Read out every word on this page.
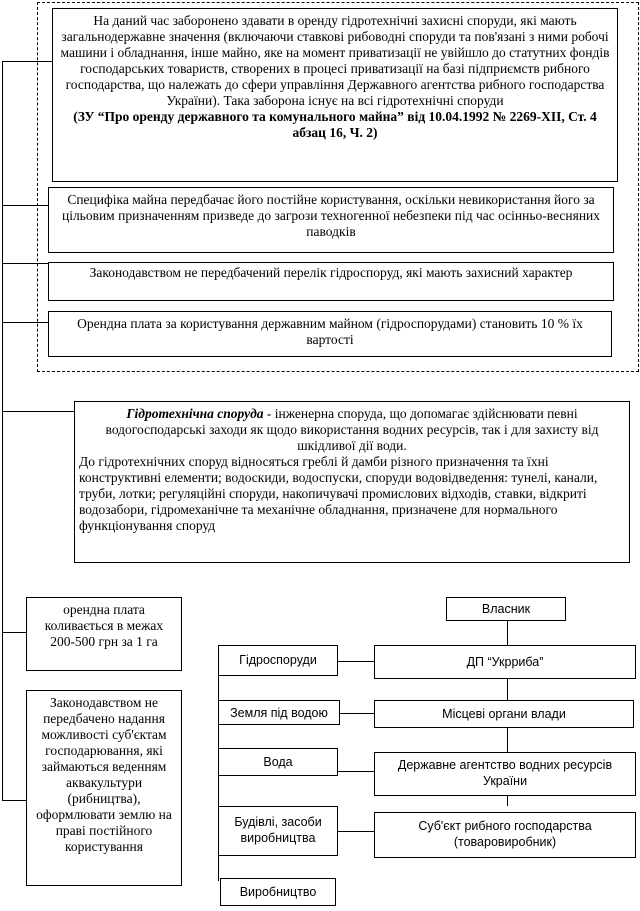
На даний час заборонено здавати в оренду гідротехнічні захисні споруди, які мають загальнодержавне значення (включаючи ставкові рибоводні споруди та пов'язані з ними робочі машини і обладнання, інше майно, яке на момент приватизації не увійшло до статутних фондів господарських товариств, створених в процесі приватизації на базі підприємств рибного господарства, що належать до сфери управління Державного агентства рибного господарства України). Така заборона існує на всі гідротехнічні споруди
(ЗУ “Про оренду державного та комунального майна” від 10.04.1992 № 2269-ХІІ, Ст. 4 абзац 16, Ч. 2)
Специфіка майна передбачає його постійне користування, оскільки невикористання його за цільовим призначенням призведе до загрози техногенної небезпеки під час осінньо-весняних паводків
Законодавством не передбачений перелік гідроспоруд, які мають захисний характер
Орендна плата за користування державним майном (гідроспорудами) становить 10 % їх вартості
Гідротехнічна споруда - інженерна споруда, що допомагає здійснювати певні водогосподарські заходи як щодо використання водних ресурсів, так і для захисту від шкідливої дії води.
До гідротехнічних споруд відносяться греблі й дамби різного призначення та їхні конструктивні елементи; водоскиди, водоспуски, споруди водовідведення: тунелі, канали, труби, лотки; регуляційні споруди, накопичувачі промислових відходів, ставки, відкриті водозабори, гідромеханічне та механічне обладнання, призначене для нормального функціонування споруд
орендна плата коливається в межах 200-500 грн за 1 га
Законодавством не передбачено надання можливості суб'єктам господарювання, які займаються веденням аквакультури (рибництва), оформлювати землю на праві постійного користування
Гідроспоруди
Земля під водою
Вода
Будівлі, засоби виробництва
Виробництво
Власник
ДП “Укрриба”
Місцеві органи влади
Державне агентство водних ресурсів України
Суб'єкт рибного господарства (товаровиробник)
